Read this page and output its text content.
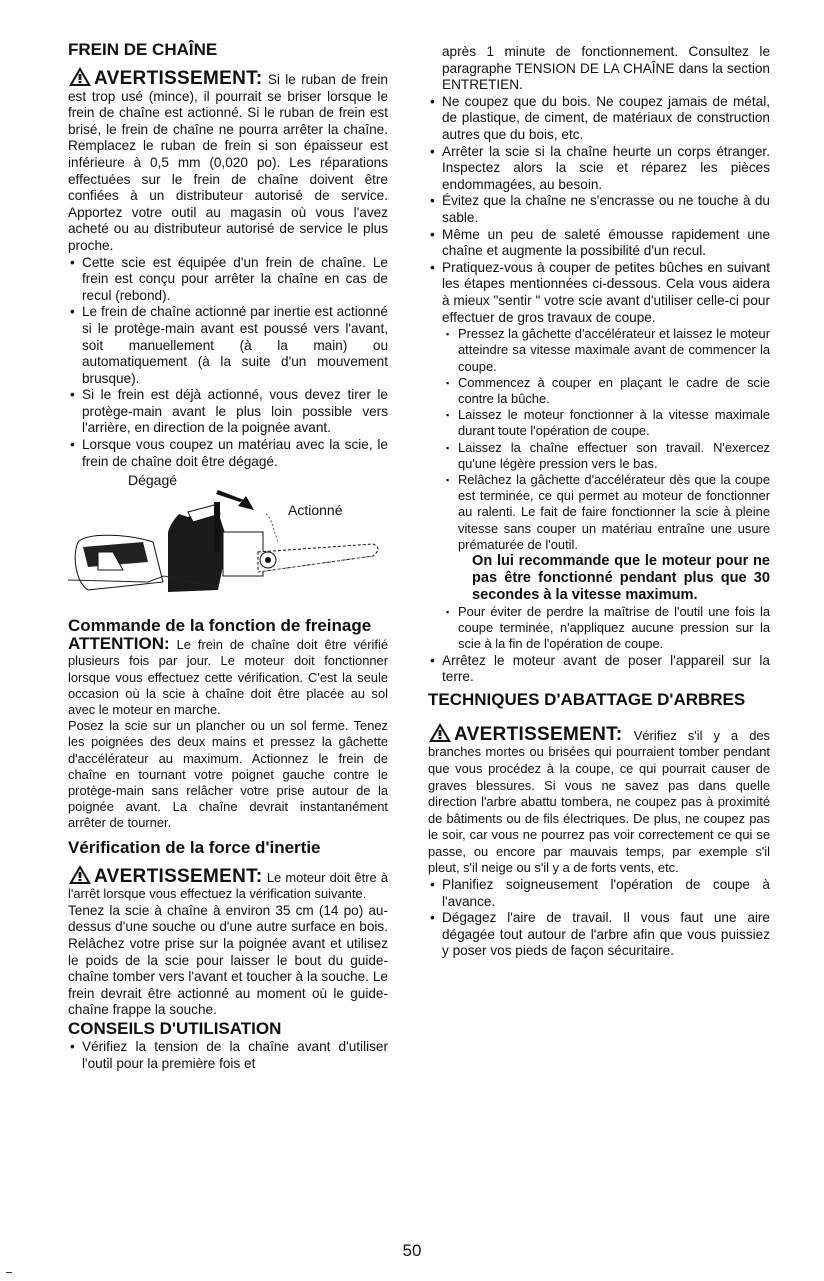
FREIN DE CHAÎNE

AVERTISSEMENT: Si le ruban de frein est trop usé (mince), il pourrait se briser lorsque le frein de chaîne est actionné. Si le ruban de frein est brisé, le frein de chaîne ne pourra arrêter la chaîne. Remplacez le ruban de frein si son épaisseur est inférieure à 0,5 mm (0,020 po). Les réparations effectuées sur le frein de chaîne doivent être confiées à un distributeur autorisé de service. Apportez votre outil au magasin où vous l'avez acheté ou au distributeur autorisé de service le plus proche.

• Cette scie est équipée d'un frein de chaîne. Le frein est conçu pour arrêter la chaîne en cas de recul (rebond).
• Le frein de chaîne actionné par inertie est actionné si le protège-main avant est poussé vers l'avant, soit manuellement (à la main) ou automatiquement (à la suite d'un mouvement brusque).
• Si le frein est déjà actionné, vous devez tirer le protège-main avant le plus loin possible vers l'arrière, en direction de la poignée avant.
• Lorsque vous coupez un matériau avec la scie, le frein de chaîne doit être dégagé.
Dégagé
Actionné
Commande de la fonction de freinage

ATTENTION: Le frein de chaîne doit être vérifié plusieurs fois par jour. Le moteur doit fonctionner lorsque vous effectuez cette vérification. C'est la seule occasion où la scie à chaîne doit être placée au sol avec le moteur en marche.

Posez la scie sur un plancher ou un sol ferme. Tenez les poignées des deux mains et pressez la gâchette d'accélérateur au maximum. Actionnez le frein de chaîne en tournant votre poignet gauche contre le protège-main sans relâcher votre prise autour de la poignée avant. La chaîne devrait instantanément arrêter de tourner.

Vérification de la force d'inertie

AVERTISSEMENT: Le moteur doit être à l'arrêt lorsque vous effectuez la vérification suivante.

Tenez la scie à chaîne à environ 35 cm (14 po) au-dessus d'une souche ou d'une autre surface en bois. Relâchez votre prise sur la poignée avant et utilisez le poids de la scie pour laisser le bout du guide-chaîne tomber vers l'avant et toucher à la souche. Le frein devrait être actionné au moment où le guide-chaîne frappe la souche.

CONSEILS D'UTILISATION
• Vérifiez la tension de la chaîne avant d'utiliser l'outil pour la première fois et

après 1 minute de fonctionnement. Consultez le paragraphe TENSION DE LA CHAÎNE dans la section ENTRETIEN.

• Ne coupez que du bois. Ne coupez jamais de métal, de plastique, de ciment, de matériaux de construction autres que du bois, etc.
• Arrêter la scie si la chaîne heurte un corps étranger. Inspectez alors la scie et réparez les pièces endommagées, au besoin.
• Évitez que la chaîne ne s'encrasse ou ne touche à du sable.
• Même un peu de saleté émousse rapidement une chaîne et augmente la possibilité d'un recul.
• Pratiquez-vous à couper de petites bûches en suivant les étapes mentionnées ci-dessous. Cela vous aidera à mieux "sentir " votre scie avant d'utiliser celle-ci pour effectuer de gros travaux de coupe.
▪ Pressez la gâchette d'accélérateur et laissez le moteur atteindre sa vitesse maximale avant de commencer la coupe.
▪ Commencez à couper en plaçant le cadre de scie contre la bûche.
▪ Laissez le moteur fonctionner à la vitesse maximale durant toute l'opération de coupe.
▪ Laissez la chaîne effectuer son travail. N'exercez qu'une légère pression vers le bas.
▪ Relâchez la gâchette d'accélérateur dès que la coupe est terminée, ce qui permet au moteur de fonctionner au ralenti. Le fait de faire fonctionner la scie à pleine vitesse sans couper un matériau entraîne une usure prématurée de l'outil.

On lui recommande que le moteur pour ne pas être fonctionné pendant plus que 30 secondes à la vitesse maximum.

▪ Pour éviter de perdre la maîtrise de l'outil une fois la coupe terminée, n'appliquez aucune pression sur la scie à la fin de l'opération de coupe.
• Arrêtez le moteur avant de poser l'appareil sur la terre.
TECHNIQUES D'ABATTAGE D'ARBRES

AVERTISSEMENT: Vérifiez s'il y a des branches mortes ou brisées qui pourraient tomber pendant que vous procédez à la coupe, ce qui pourrait causer de graves blessures. Si vous ne savez pas dans quelle direction l'arbre abattu tombera, ne coupez pas à proximité de bâtiments ou de fils électriques. De plus, ne coupez pas le soir, car vous ne pourrez pas voir correctement ce qui se passe, ou encore par mauvais temps, par exemple s'il pleut, s'il neige ou s'il y a de forts vents, etc.

• Planifiez soigneusement l'opération de coupe à l'avance.
• Dégagez l'aire de travail. Il vous faut une aire dégagée tout autour de l'arbre afin que vous puissiez y poser vos pieds de façon sécuritaire.
50
